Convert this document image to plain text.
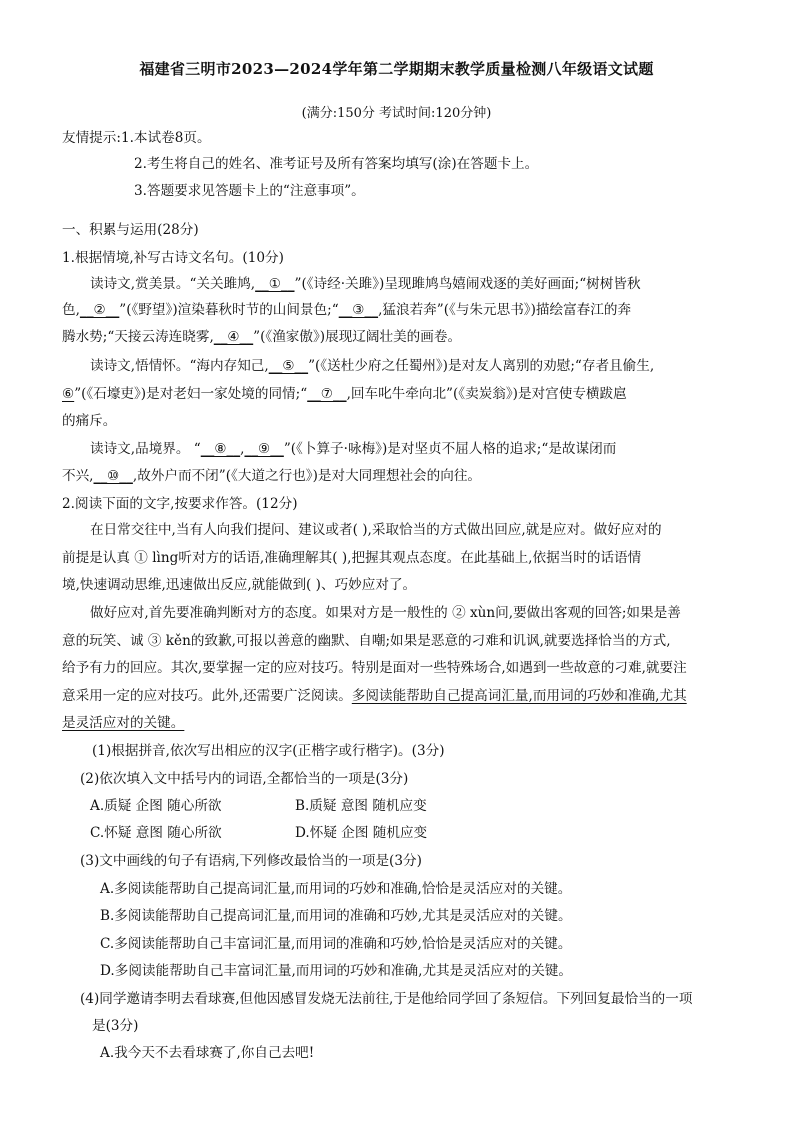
福建省三明市2023—2024学年第二学期期末教学质量检测八年级语文试题
(满分:150分 考试时间:120分钟)
友情提示:1.本试卷8页。
2.考生将自己的姓名、准考证号及所有答案均填写(涂)在答题卡上。
3.答题要求见答题卡上的“注意事项”。
一、积累与运用(28分)
1.根据情境,补写古诗文名句。(10分)
读诗文,赏美景。“关关雎鸠,__①__”(《诗经·关雎》)呈现雎鸠鸟嬉闹戏逐的美好画面;“树树皆秋
色,__②__”(《野望》)渲染暮秋时节的山间景色;“__③__,猛浪若奔”(《与朱元思书》)描绘富春江的奔
腾水势;“天接云涛连晓雾,__④__”(《渔家傲》)展现辽阔壮美的画卷。
读诗文,悟情怀。“海内存知己,__⑤__”(《送杜少府之任蜀州》)是对友人离别的劝慰;“存者且偷生,
⑥”(《石壕吏》)是对老妇一家处境的同情;“__⑦__,回车叱牛牵向北”(《卖炭翁》)是对宫使专横跋扈
的痛斥。
读诗文,品境界。 “__⑧__,__⑨__”(《卜算子·咏梅》)是对坚贞不屈人格的追求;“是故谋闭而
不兴,__⑩__,故外户而不闭”(《大道之行也》)是对大同理想社会的向往。
2.阅读下面的文字,按要求作答。(12分)
在日常交往中,当有人向我们提问、建议或者( ),采取恰当的方式做出回应,就是应对。做好应对的
前提是认真 ① lìng听对方的话语,准确理解其( ),把握其观点态度。在此基础上,依据当时的话语情
境,快速调动思维,迅速做出反应,就能做到( )、巧妙应对了。
做好应对,首先要准确判断对方的态度。如果对方是一般性的 ② xùn问,要做出客观的回答;如果是善
意的玩笑、诚 ③ kěn的致歉,可报以善意的幽默、自嘲;如果是恶意的刁难和讥讽,就要选择恰当的方式,
给予有力的回应。其次,要掌握一定的应对技巧。特别是面对一些特殊场合,如遇到一些故意的刁难,就要注
意采用一定的应对技巧。此外,还需要广泛阅读。多阅读能帮助自己提高词汇量,而用词的巧妙和准确,尤其
是灵活应对的关键。
(1)根据拼音,依次写出相应的汉字(正楷字或行楷字)。(3分)
(2)依次填入文中括号内的词语,全都恰当的一项是(3分)
A.质疑 企图 随心所欲	B.质疑 意图 随机应变
C.怀疑 意图 随心所欲	D.怀疑 企图 随机应变
(3)文中画线的句子有语病,下列修改最恰当的一项是(3分)
A.多阅读能帮助自己提高词汇量,而用词的巧妙和准确,恰恰是灵活应对的关键。
B.多阅读能帮助自己提高词汇量,而用词的准确和巧妙,尤其是灵活应对的关键。
C.多阅读能帮助自己丰富词汇量,而用词的准确和巧妙,恰恰是灵活应对的关键。
D.多阅读能帮助自己丰富词汇量,而用词的巧妙和准确,尤其是灵活应对的关键。
(4)同学邀请李明去看球赛,但他因感冒发烧无法前往,于是他给同学回了条短信。下列回复最恰当的一项
是(3分)
A.我今天不去看球赛了,你自己去吧!
